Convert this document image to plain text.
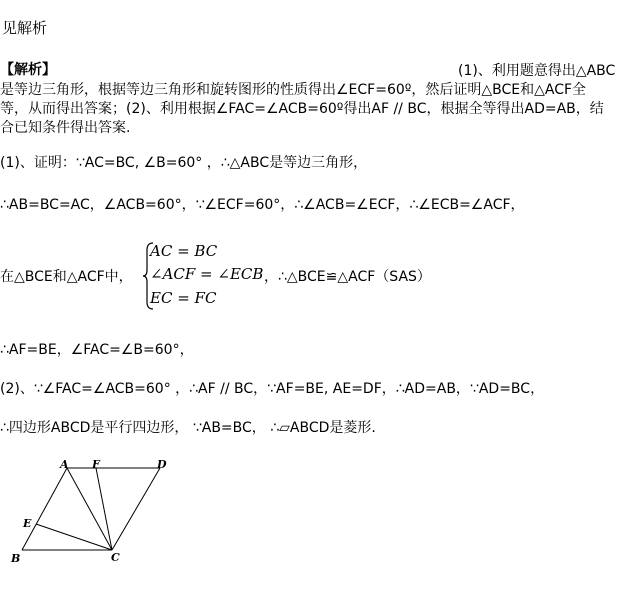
见解析
【解析】	(1)、利用题意得出△ABC
是等边三角形，根据等边三角形和旋转图形的性质得出∠ECF=60º，然后证明△BCE和△ACF全
等，从而得出答案；(2)、利用根据∠FAC=∠ACB=60º得出AF // BC，根据全等得出AD=AB，结
合已知条件得出答案.
(1)、证明：∵AC=BC, ∠B=60° ，∴△ABC是等边三角形，
∴AB=BC=AC，∠ACB=60°，∵∠ECF=60°，∴∠ACB=∠ECF，∴∠ECB=∠ACF，
在△BCE和△ACF中，
AC = BC
∠ACF = ∠ECB
EC = FC
，∴△BCE≌△ACF（SAS）
∴AF=BE，∠FAC=∠B=60°，
(2)、∵∠FAC=∠ACB=60° ，∴AF // BC，∵AF=BE, AE=DF，∴AD=AB，∵AD=BC，
∴四边形ABCD是平行四边形， ∵AB=BC， ∴▱ABCD是菱形.
A F	D
E
B	C
